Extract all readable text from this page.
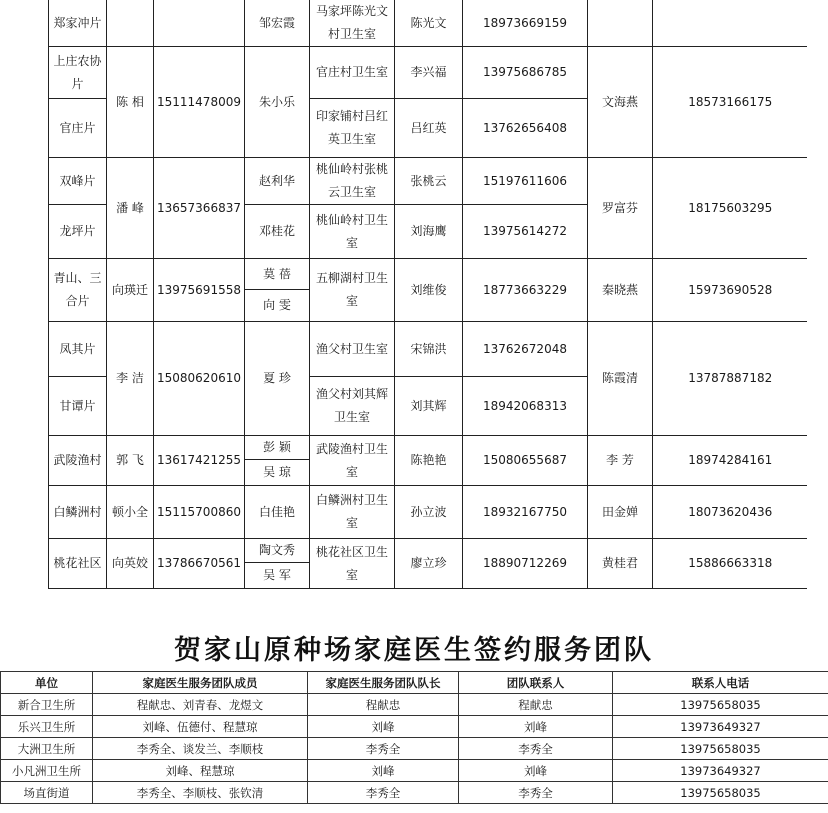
郑家冲片			邹宏霞	马家坪陈光文村卫生室	陈光文	18973669159		
上庄农协片	陈 相	15111478009	朱小乐	官庄村卫生室	李兴福	13975686785	文海燕	18573166175
官庄片				印家铺村吕红英卫生室	吕红英	13762656408		
双峰片	潘 峰	13657366837	赵利华	桃仙岭村张桃云卫生室	张桃云	15197611606	罗富芬	18175603295
龙坪片			邓桂花	桃仙岭村卫生室	刘海鹰	13975614272		
青山、三合片	向瑛迁	13975691558	莫 蓓	五柳湖村卫生室	刘维俊	18773663229	秦晓燕	15973690528
			向 雯					
凤其片	李 洁	15080620610	夏 珍	渔父村卫生室	宋锦洪	13762672048	陈霞清	13787887182
甘谭片				渔父村刘其辉卫生室	刘其辉	18942068313		
武陵渔村	郭 飞	13617421255	彭 颖	武陵渔村卫生室	陈艳艳	15080655687	李 芳	18974284161
			吴 琼					
白鳞洲村	顿小全	15115700860	白佳艳	白鳞洲村卫生室	孙立波	18932167750	田金婵	18073620436
桃花社区	向英姣	13786670561	陶文秀	桃花社区卫生室	廖立珍	18890712269	黄桂君	15886663318
			吴 军					
贺家山原种场家庭医生签约服务团队
单位	家庭医生服务团队成员	家庭医生服务团队队长	团队联系人	联系人电话
新合卫生所	程献忠、刘青春、龙煜文	程献忠	程献忠	13975658035
乐兴卫生所	刘峰、伍德付、程慧琼	刘峰	刘峰	13973649327
大洲卫生所	李秀全、谈发兰、李顺枝	李秀全	李秀全	13975658035
小凡洲卫生所	刘峰、程慧琼	刘峰	刘峰	13973649327
场直街道	李秀全、李顺枝、张钦清	李秀全	李秀全	13975658035
